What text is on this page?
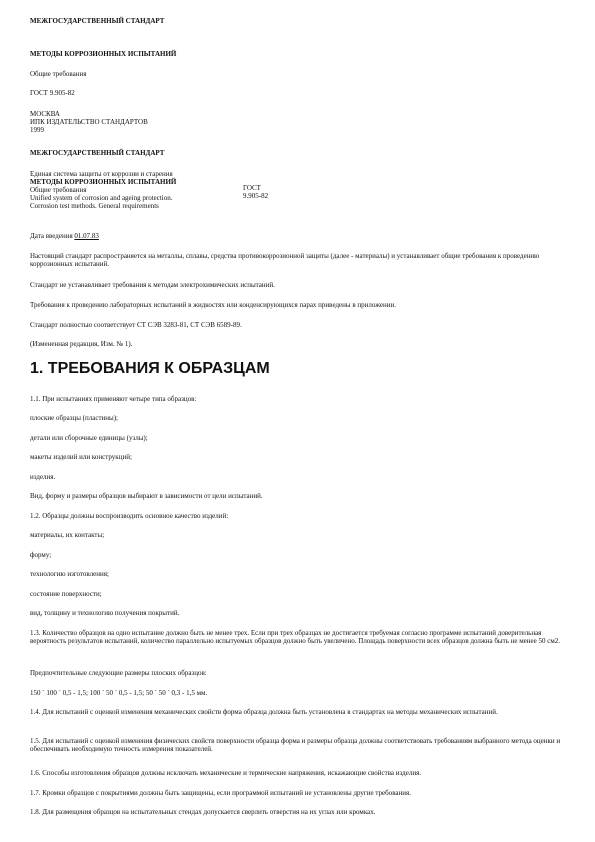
МЕЖГОСУДАРСТВЕННЫЙ СТАНДАРТ
МЕТОДЫ КОРРОЗИОННЫХ ИСПЫТАНИЙ
Общие требования
ГОСТ 9.905-82
МОСКВА
ИПК ИЗДАТЕЛЬСТВО СТАНДАРТОВ
1999
МЕЖГОСУДАРСТВЕННЫЙ СТАНДАРТ
Единая система защиты от коррозии и старения
МЕТОДЫ КОРРОЗИОННЫХ ИСПЫТАНИЙ
Общие требования
Unified system of corrosion and ageing protection.
Corrosion test methods. General requirements
ГОСТ
9.905-82
Дата введения 01.07.83
Настоящий стандарт распространяется на металлы, сплавы, средства противокоррозионной защиты (далее - материалы) и устанавливает общие требования к проведению коррозионных испытаний.
Стандарт не устанавливает требования к методам электрохимических испытаний.
Требования к проведению лабораторных испытаний в жидкостях или конденсирующихся парах приведены в приложении.
Стандарт полностью соответствует СТ СЭВ 3283-81, СТ СЭВ 6589-89.
(Измененная редакция, Изм. № 1).
1. ТРЕБОВАНИЯ К ОБРАЗЦАМ
1.1. При испытаниях применяют четыре типа образцов:
плоские образцы (пластины);
детали или сборочные единицы (узлы);
макеты изделий или конструкций;
изделия.
Вид, форму и размеры образцов выбирают в зависимости от цели испытаний.
1.2. Образцы должны воспроизводить основное качество изделий:
материалы, их контакты;
форму;
технологию изготовления;
состояние поверхности;
вид, толщину и технологию получения покрытий.
1.3. Количество образцов на одно испытание должно быть не менее трех. Если при трех образцах не достигается требуемая согласно программе испытаний доверительная вероятность результатов испытаний, количество параллельно испытуемых образцов должно быть увеличено. Площадь поверхности всех образцов должна быть не менее 50 см2.
Предпочтительные следующие размеры плоских образцов:
150 ´ 100 ´ 0,5 - 1,5; 100 ´ 50 ´ 0,5 - 1,5; 50 ´ 50 ´ 0,3 - 1,5 мм.
1.4. Для испытаний с оценкой изменения механических свойств форма образца должна быть установлена в стандартах на методы механических испытаний.
1.5. Для испытаний с оценкой изменения физических свойств поверхности образца форма и размеры образца должны соответствовать требованиям выбранного метода оценки и обеспечивать необходимую точность измерения показателей.
1.6. Способы изготовления образцов должны исключать механические и термические напряжения, искажающие свойства изделия.
1.7. Кромки образцов с покрытиями должны быть защищены, если программой испытаний не установлены другие требования.
1.8. Для размещения образцов на испытательных стендах допускается сверлить отверстия на их углах или кромках.
